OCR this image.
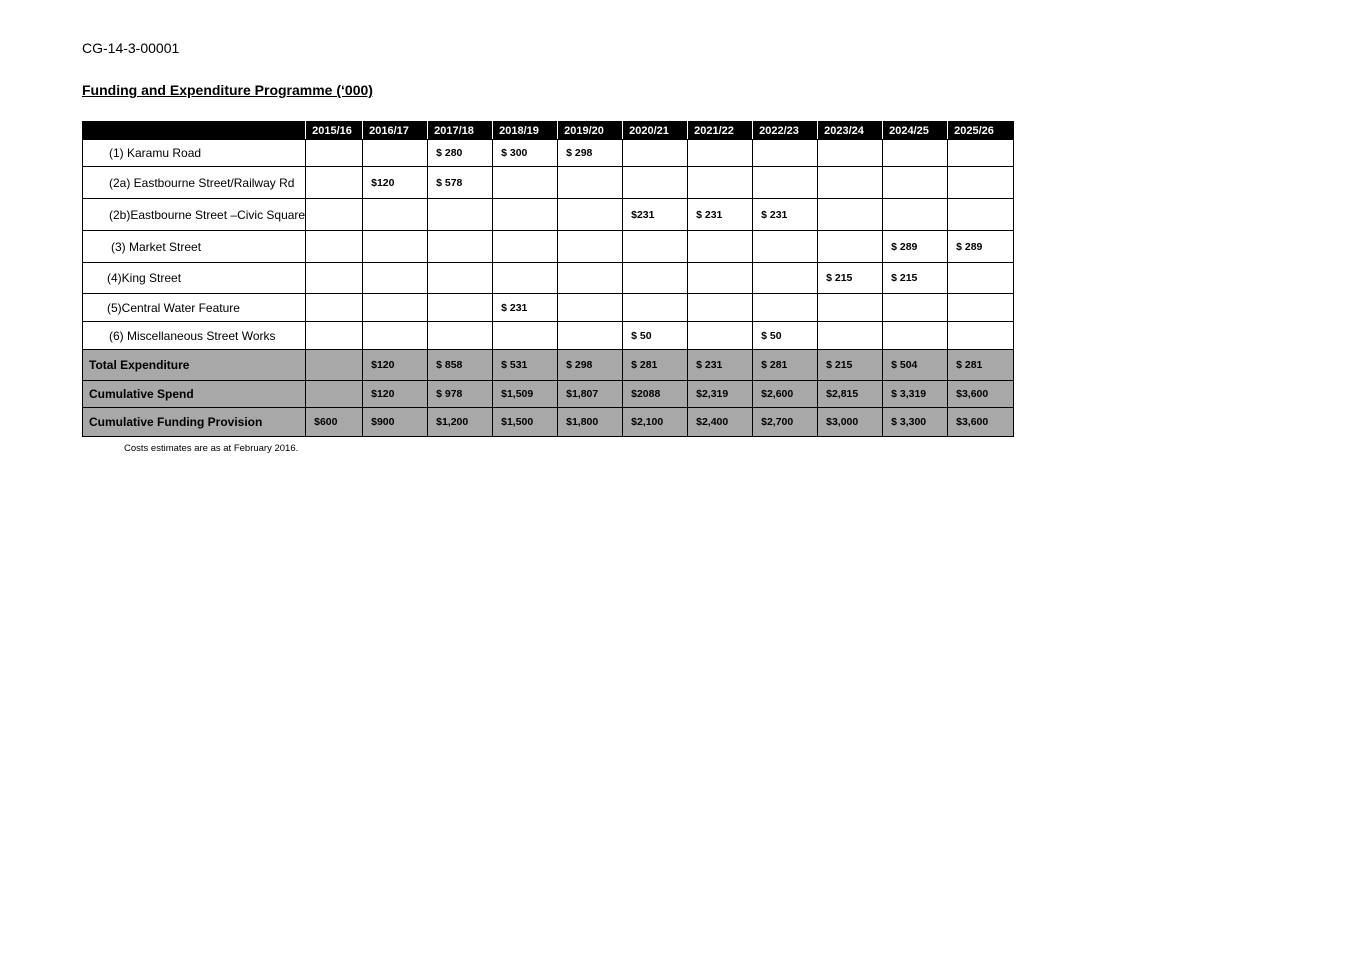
CG-14-3-00001
Funding and Expenditure Programme (‘000)
	2015/16	2016/17	2017/18	2018/19	2019/20	2020/21	2021/22	2022/23	2023/24	2024/25	2025/26
(1) Karamu Road			$ 280	$ 300	$ 298						
(2a) Eastbourne Street/Railway Rd		$120	$ 578								
(2b)Eastbourne Street –Civic Square						$231	$ 231	$ 231			
(3) Market Street										$ 289	$ 289
(4)King Street									$ 215	$ 215	
(5)Central Water Feature				$ 231							
(6) Miscellaneous Street Works						$ 50		$ 50			
Total Expenditure		$120	$ 858	$ 531	$ 298	$ 281	$ 231	$ 281	$ 215	$ 504	$ 281
Cumulative Spend		$120	$ 978	$1,509	$1,807	$2088	$2,319	$2,600	$2,815	$ 3,319	$3,600
Cumulative Funding Provision	$600	$900	$1,200	$1,500	$1,800	$2,100	$2,400	$2,700	$3,000	$ 3,300	$3,600
Costs estimates are as at February 2016.
